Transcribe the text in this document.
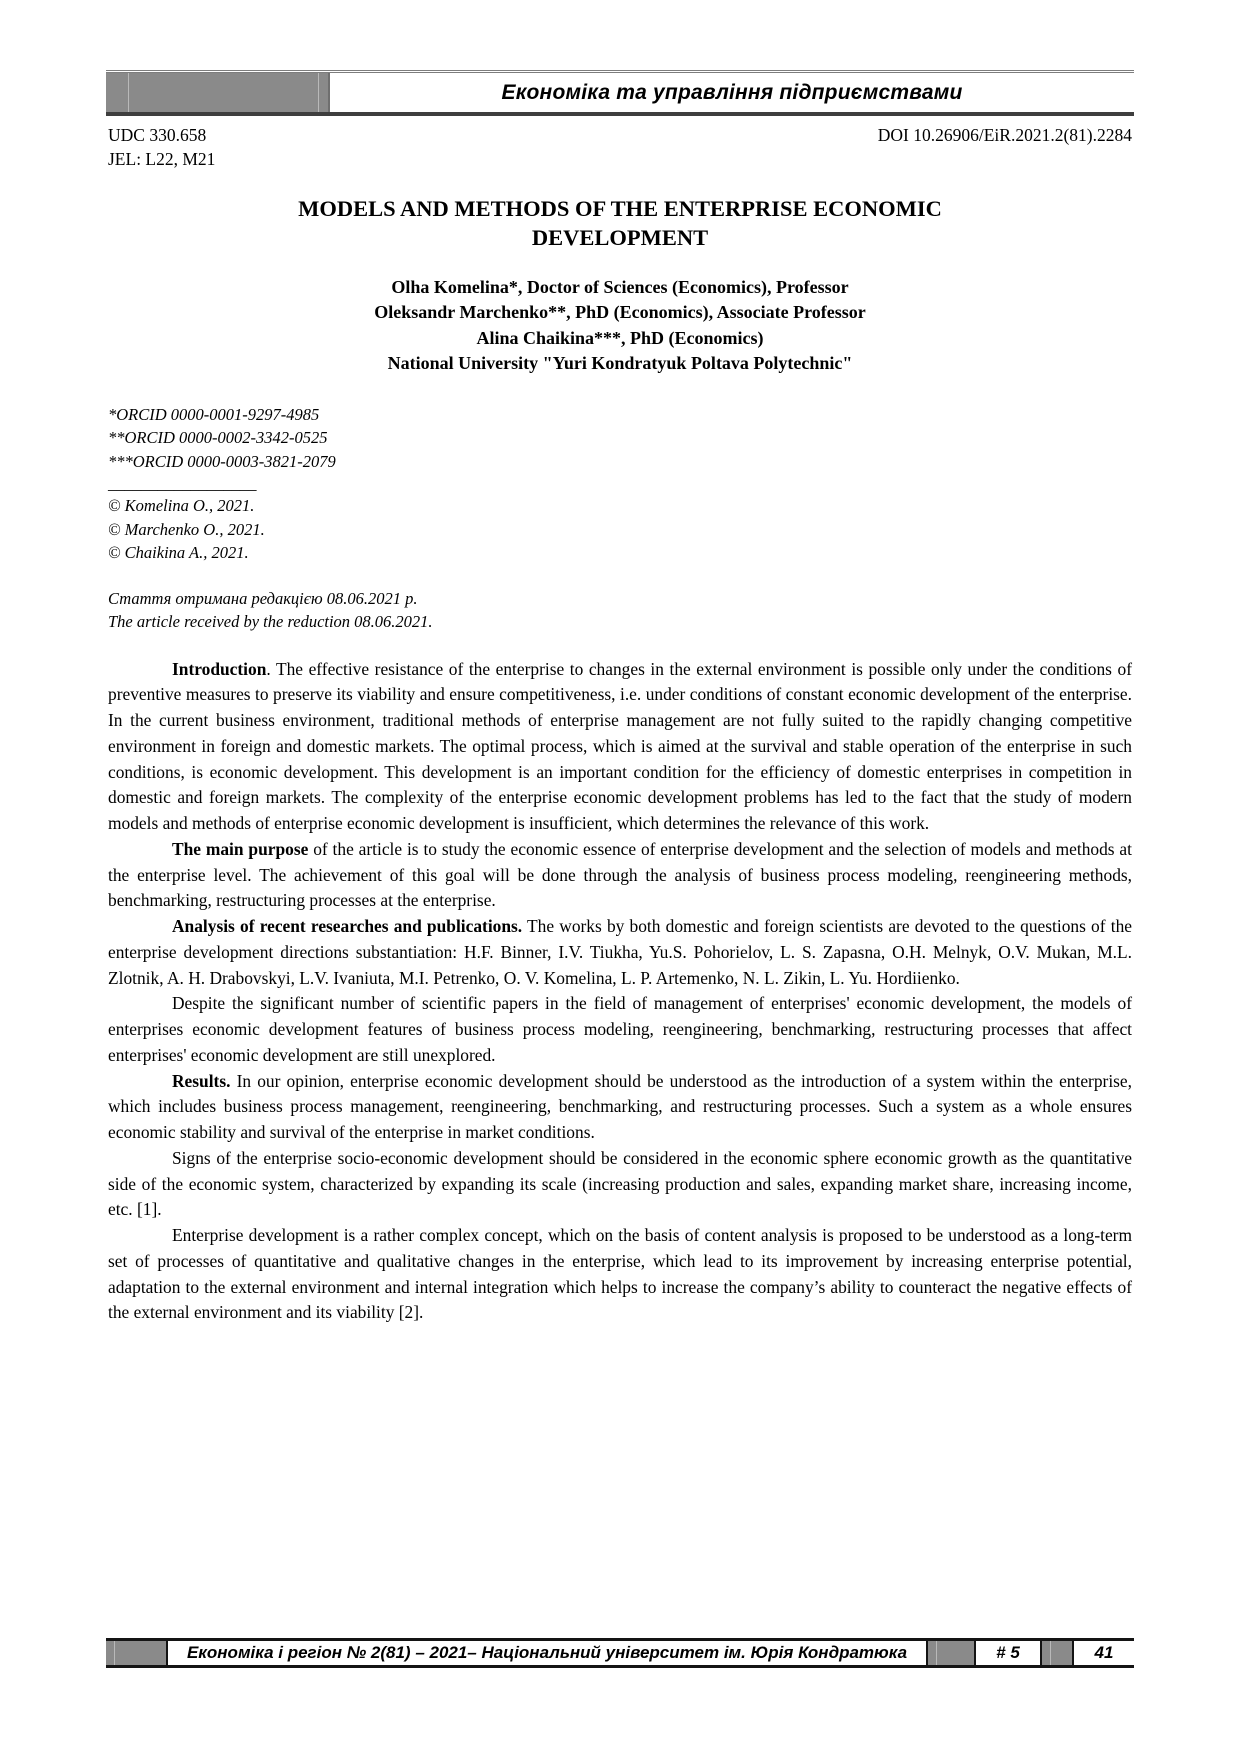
Економіка та управління підприємствами
UDC 330.658
JEL: L22, M21
DOI 10.26906/EiR.2021.2(81).2284
MODELS AND METHODS OF THE ENTERPRISE ECONOMIC
DEVELOPMENT
Olha Komelina*, Doctor of Sciences (Economics), Professor
Oleksandr Marchenko**, PhD (Economics), Associate Professor
Alina Chaikina***, PhD (Economics)
National University "Yuri Kondratyuk Poltava Polytechnic"
*ORCID 0000-0001-9297-4985
**ORCID 0000-0002-3342-0525
***ORCID 0000-0003-3821-2079
__________________
© Komelina O., 2021.
© Marchenko O., 2021.
© Chaikina A., 2021.
Стаття отримана редакцією 08.06.2021 р.
The article received by the reduction 08.06.2021.

Introduction. The effective resistance of the enterprise to changes in the external environment is possible only under the conditions of preventive measures to preserve its viability and ensure competitiveness, i.e. under conditions of constant economic development of the enterprise. In the current business environment, traditional methods of enterprise management are not fully suited to the rapidly changing competitive environment in foreign and domestic markets. The optimal process, which is aimed at the survival and stable operation of the enterprise in such conditions, is economic development. This development is an important condition for the efficiency of domestic enterprises in competition in domestic and foreign markets. The complexity of the enterprise economic development problems has led to the fact that the study of modern models and methods of enterprise economic development is insufficient, which determines the relevance of this work.

The main purpose of the article is to study the economic essence of enterprise development and the selection of models and methods at the enterprise level. The achievement of this goal will be done through the analysis of business process modeling, reengineering methods, benchmarking, restructuring processes at the enterprise.

Analysis of recent researches and publications. The works by both domestic and foreign scientists are devoted to the questions of the enterprise development directions substantiation: H.F. Binner, I.V. Tiukha, Yu.S. Pohorielov, L. S. Zapasna, O.H. Melnyk, O.V. Mukan, M.L. Zlotnik, A. H. Drabovskyi, L.V. Ivaniuta, M.I. Petrenko, O. V. Komelina, L. P. Artemenko, N. L. Zikin, L. Yu. Hordiienko.

Despite the significant number of scientific papers in the field of management of enterprises' economic development, the models of enterprises economic development features of business process modeling, reengineering, benchmarking, restructuring processes that affect enterprises' economic development are still unexplored.

Results. In our opinion, enterprise economic development should be understood as the introduction of a system within the enterprise, which includes business process management, reengineering, benchmarking, and restructuring processes. Such a system as a whole ensures economic stability and survival of the enterprise in market conditions.

Signs of the enterprise socio-economic development should be considered in the economic sphere economic growth as the quantitative side of the economic system, characterized by expanding its scale (increasing production and sales, expanding market share, increasing income, etc. [1].

Enterprise development is a rather complex concept, which on the basis of content analysis is proposed to be understood as a long-term set of processes of quantitative and qualitative changes in the enterprise, which lead to its improvement by increasing enterprise potential, adaptation to the external environment and internal integration which helps to increase the company’s ability to counteract the negative effects of the external environment and its viability [2].

Економіка і регіон № 2(81) – 2021– Національний університет ім. Юрія Кондратюка	# 5	41
